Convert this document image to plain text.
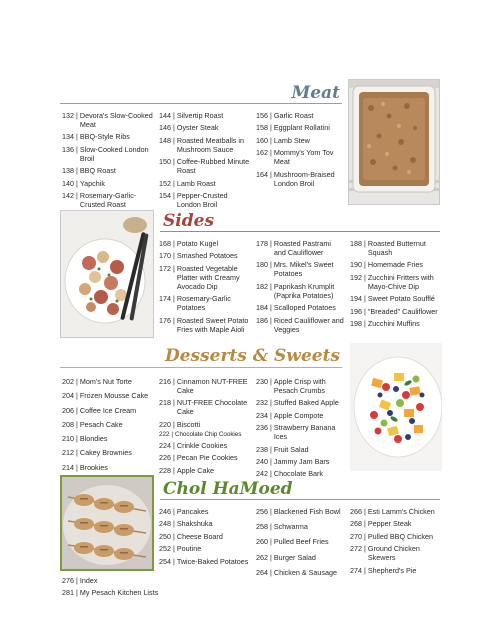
Meat
132 | Devora's Slow-Cooked Meat
134 | BBQ-Style Ribs
136 | Slow-Cooked London Broil
138 | BBQ Roast
140 | Yapchik
142 | Rosemary-Garlic-Crusted Roast
144 | Silvertip Roast
146 | Oyster Steak
148 | Roasted Meatballs in Mushroom Sauce
150 | Coffee-Rubbed Minute Roast
152 | Lamb Roast
154 | Pepper-Crusted London Broil
156 | Garlic Roast
158 | Eggplant Rollatini
160 | Lamb Stew
162 | Mommy's Yom Tov Meat
164 | Mushroom-Braised London Broil
Sides
168 | Potato Kugel
170 | Smashed Potatoes
172 | Roasted Vegetable Platter with Creamy Avocado Dip
174 | Rosemary-Garlic Potatoes
176 | Roasted Sweet Potato Fries with Maple Aioli
178 | Roasted Pastrami and Cauliflower
180 | Mrs. Mikel's Sweet Potatoes
182 | Paprikash Krumplit (Paprika Potatoes)
184 | Scalloped Potatoes
186 | Riced Cauliflower and Veggies
188 | Roasted Butternut Squash
190 | Homemade Fries
192 | Zucchini Fritters with Mayo-Chive Dip
194 | Sweet Potato Soufflé
196 | "Breaded" Cauliflower
198 | Zucchini Muffins
Desserts & Sweets
202 | Mom's Nut Torte
204 | Frozen Mousse Cake
206 | Coffee Ice Cream
208 | Pesach Cake
210 | Blondies
212 | Cakey Brownies
214 | Brookies
216 | Cinnamon NUT-FREE Cake
218 | NUT-FREE Chocolate Cake
220 | Biscotti
222 | Chocolate Chip Cookies
224 | Crinkle Cookies
226 | Pecan Pie Cookies
228 | Apple Cake
230 | Apple Crisp with Pesach Crumbs
232 | Stuffed Baked Apple
234 | Apple Compote
236 | Strawberry Banana Ices
238 | Fruit Salad
240 | Jammy Jam Bars
242 | Chocolate Bark
Chol HaMoed
246 | Pancakes
248 | Shakshuka
250 | Cheese Board
252 | Poutine
254 | Twice-Baked Potatoes
256 | Blackened Fish Bowl
258 | Schwarma
260 | Pulled Beef Fries
262 | Burger Salad
264 | Chicken & Sausage
266 | Esti Lamm's Chicken
268 | Pepper Steak
270 | Pulled BBQ Chicken
272 | Ground Chicken Skewers
274 | Shepherd's Pie
276 | Index
281 | My Pesach Kitchen Lists
